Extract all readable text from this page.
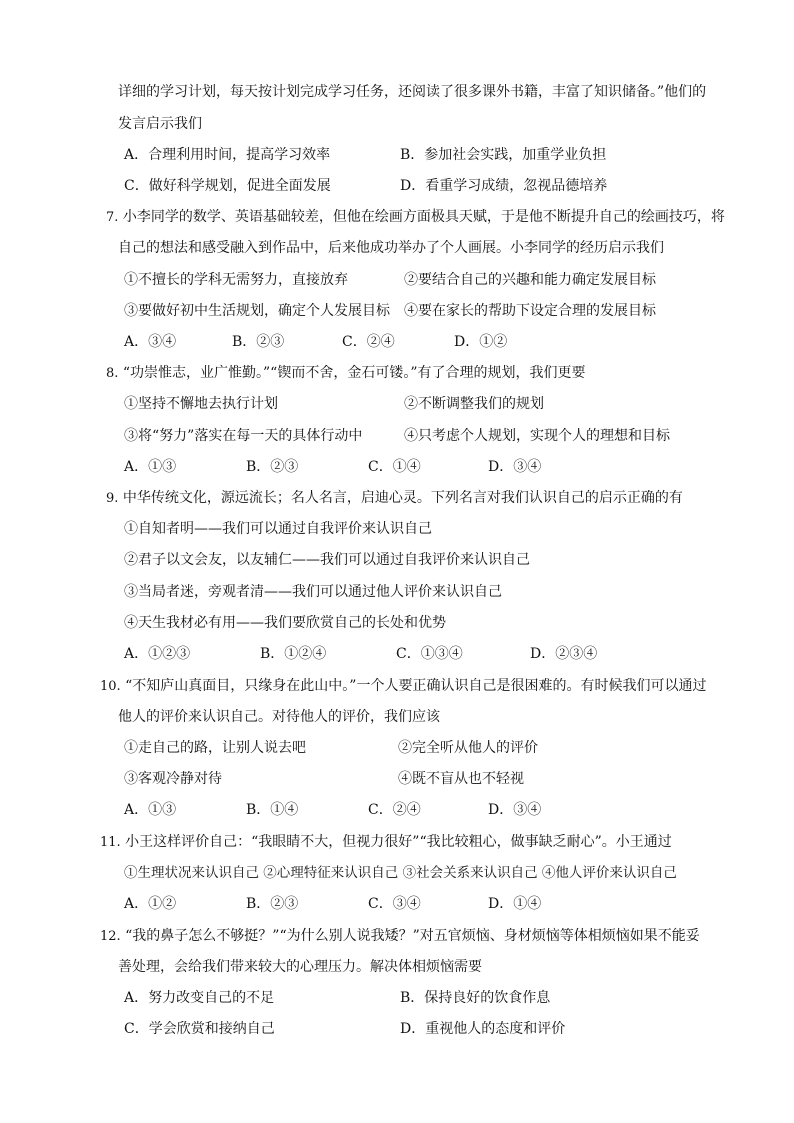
详细的学习计划，每天按计划完成学习任务，还阅读了很多课外书籍，丰富了知识储备。”他们的
发言启示我们
A．合理利用时间，提高学习效率	B．参加社会实践，加重学业负担
C．做好科学规划，促进全面发展	D．看重学习成绩，忽视品德培养
7. 小李同学的数学、英语基础较差，但他在绘画方面极具天赋，于是他不断提升自己的绘画技巧，将
自己的想法和感受融入到作品中，后来他成功举办了个人画展。小李同学的经历启示我们
①不擅长的学科无需努力，直接放弃	②要结合自己的兴趣和能力确定发展目标
③要做好初中生活规划，确定个人发展目标 ④要在家长的帮助下设定合理的发展目标
A．③④	B．②③	C．②④	D．①②
8. “功崇惟志，业广惟勤。”“锲而不舍，金石可镂。”有了合理的规划，我们更要
①坚持不懈地去执行计划	②不断调整我们的规划
③将“努力”落实在每一天的具体行动中	④只考虑个人规划，实现个人的理想和目标
A．①③	B．②③	C．①④	D．③④
9. 中华传统文化，源远流长；名人名言，启迪心灵。下列名言对我们认识自己的启示正确的有
①自知者明——我们可以通过自我评价来认识自己
②君子以文会友，以友辅仁——我们可以通过自我评价来认识自己
③当局者迷，旁观者清——我们可以通过他人评价来认识自己
④天生我材必有用——我们要欣赏自己的长处和优势
A．①②③	B．①②④	C．①③④	D．②③④
10. “不知庐山真面目，只缘身在此山中。”一个人要正确认识自己是很困难的。有时候我们可以通过
他人的评价来认识自己。对待他人的评价，我们应该
①走自己的路，让别人说去吧	②完全听从他人的评价
③客观冷静对待	④既不盲从也不轻视
A．①③	B．①④	C．②④	D．③④
11. 小王这样评价自己：“我眼睛不大，但视力很好”“我比较粗心，做事缺乏耐心”。小王通过
①生理状况来认识自己 ②心理特征来认识自己 ③社会关系来认识自己 ④他人评价来认识自己
A．①②	B．②③	C．③④	D．①④
12. “我的鼻子怎么不够挺？”“为什么别人说我矮？”对五官烦恼、身材烦恼等体相烦恼如果不能妥
善处理，会给我们带来较大的心理压力。解决体相烦恼需要
A．努力改变自己的不足	B．保持良好的饮食作息
C．学会欣赏和接纳自己	D．重视他人的态度和评价
